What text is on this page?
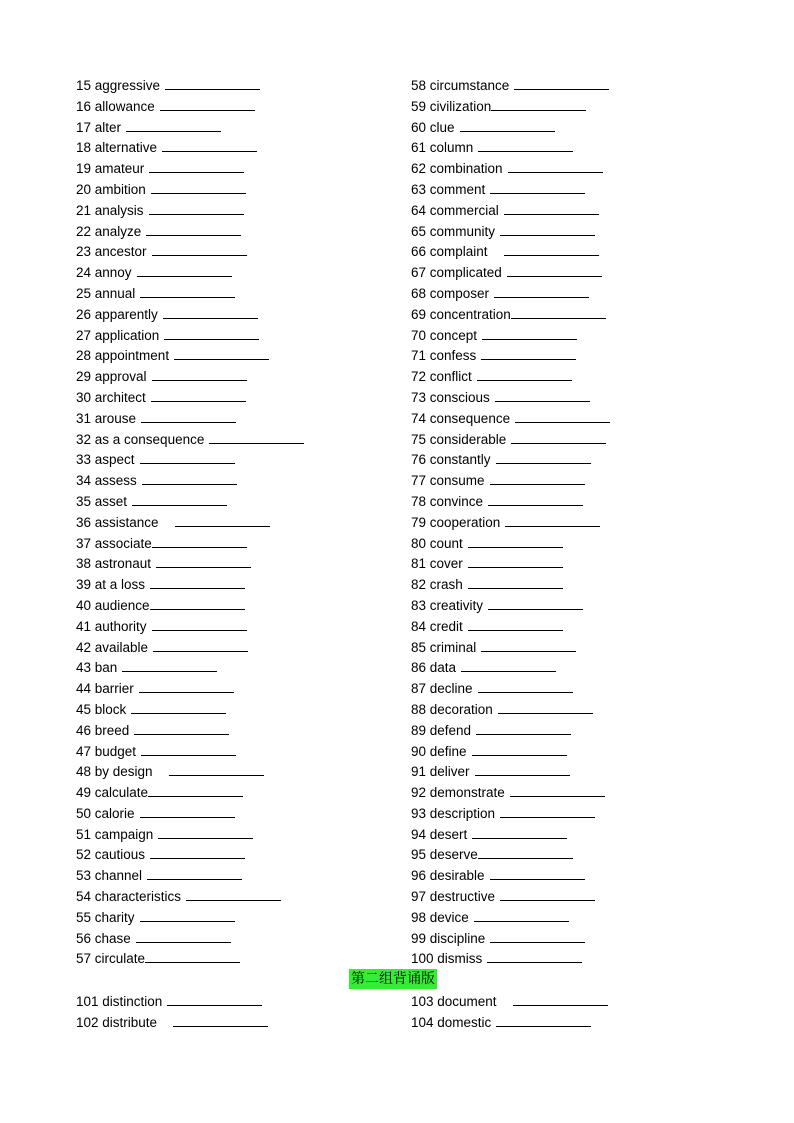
15 aggressive
16 allowance
17 alter
18 alternative
19 amateur
20 ambition
21 analysis
22 analyze
23 ancestor
24 annoy
25 annual
26 apparently
27 application
28 appointment
29 approval
30 architect
31 arouse
32 as a consequence
33 aspect
34 assess
35 asset
36 assistance
37 associate
38 astronaut
39 at a loss
40 audience
41 authority
42 available
43 ban
44 barrier
45 block
46 breed
47 budget
48 by design
49 calculate
50 calorie
51 campaign
52 cautious
53 channel
54 characteristics
55 charity
56 chase
57 circulate
58 circumstance
59 civilization
60 clue
61 column
62 combination
63 comment
64 commercial
65 community
66 complaint
67 complicated
68 composer
69 concentration
70 concept
71 confess
72 conflict
73 conscious
74 consequence
75 considerable
76 constantly
77 consume
78 convince
79 cooperation
80 count
81 cover
82 crash
83 creativity
84 credit
85 criminal
86 data
87 decline
88 decoration
89 defend
90 define
91 deliver
92 demonstrate
93 description
94 desert
95 deserve
96 desirable
97 destructive
98 device
99 discipline
100 dismiss
第二组背诵版
101 distinction
102 distribute
103 document
104 domestic
